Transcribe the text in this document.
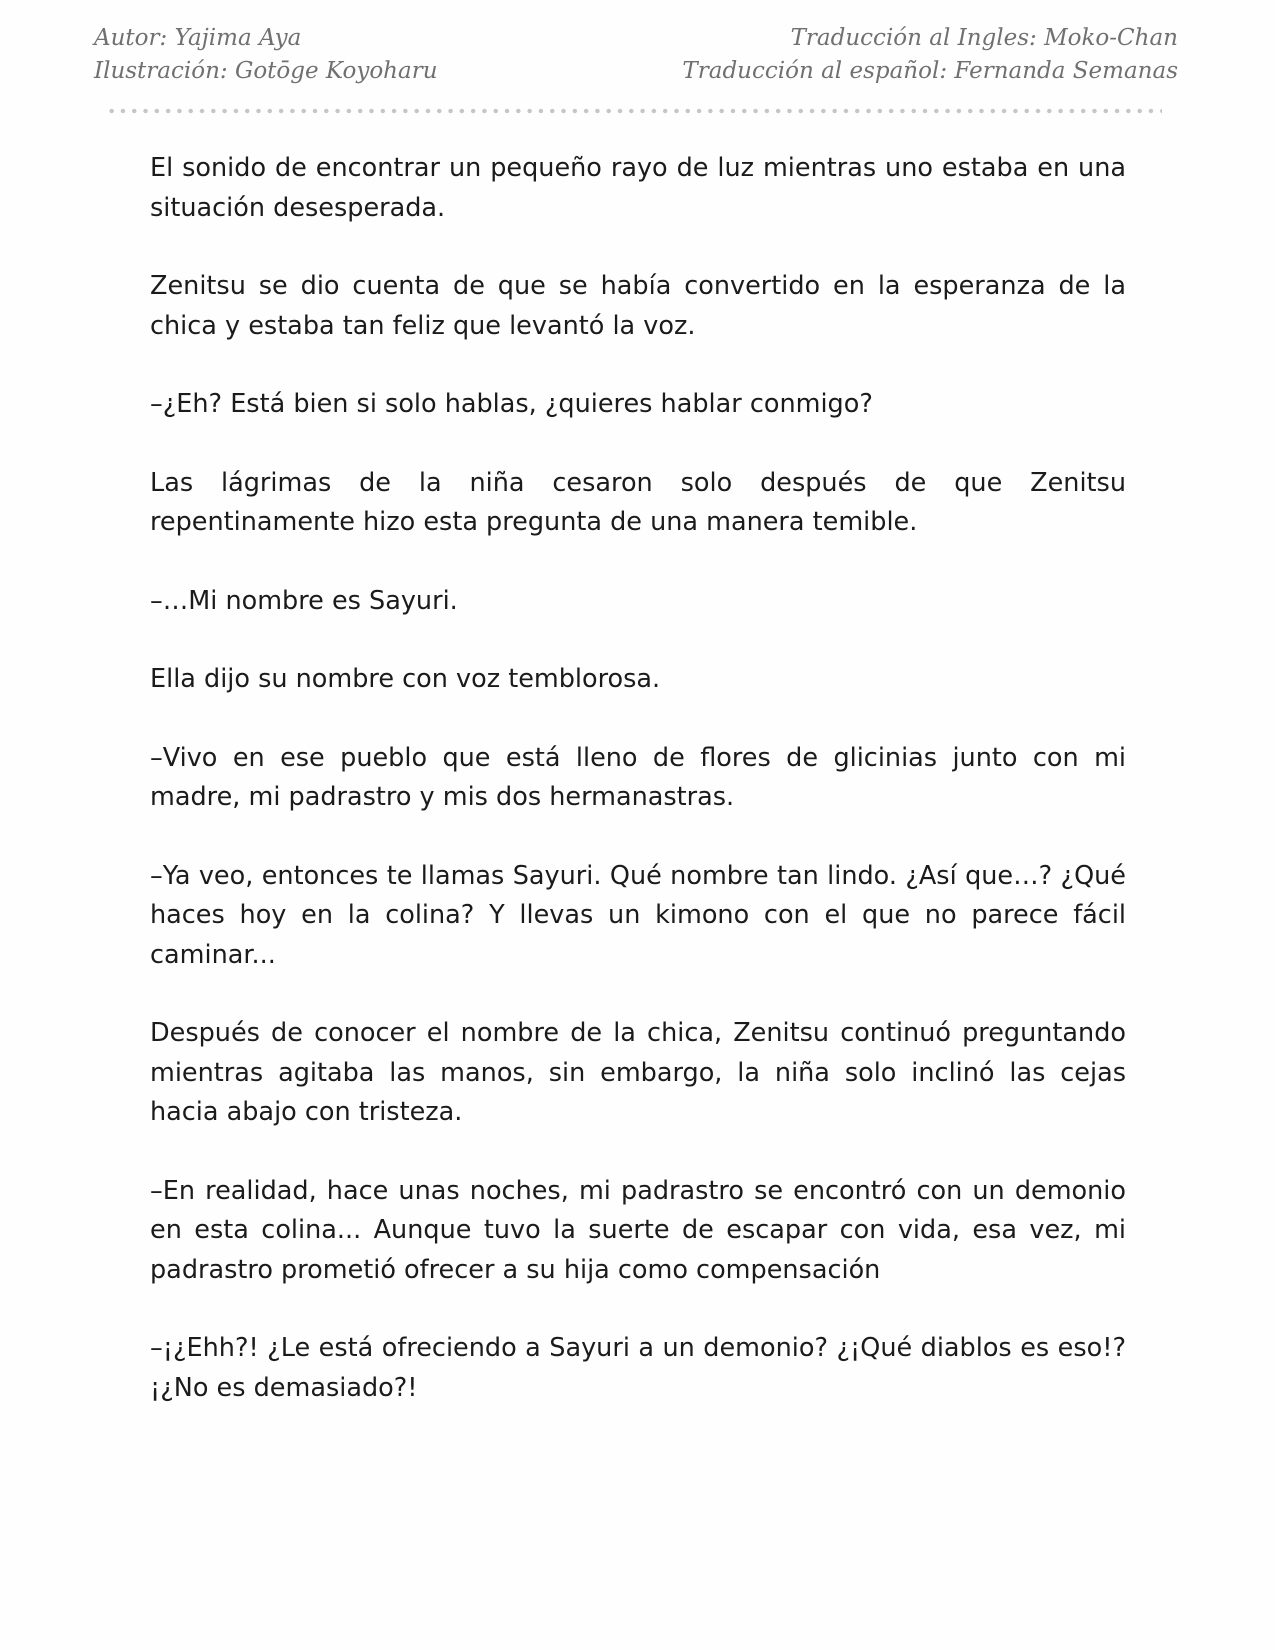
Autor: Yajima Aya
Ilustración: Gotōge Koyoharu
Traducción al Ingles: Moko-Chan
Traducción al español: Fernanda Semanas

El sonido de encontrar un pequeño rayo de luz mientras uno estaba en una situación desesperada.

Zenitsu se dio cuenta de que se había convertido en la esperanza de la chica y estaba tan feliz que levantó la voz.

–¿Eh? Está bien si solo hablas, ¿quieres hablar conmigo?

Las lágrimas de la niña cesaron solo después de que Zenitsu repentinamente hizo esta pregunta de una manera temible.

–…Mi nombre es Sayuri.

Ella dijo su nombre con voz temblorosa.

–Vivo en ese pueblo que está lleno de flores de glicinias junto con mi madre, mi padrastro y mis dos hermanastras.

–Ya veo, entonces te llamas Sayuri. Qué nombre tan lindo. ¿Así que…? ¿Qué haces hoy en la colina? Y llevas un kimono con el que no parece fácil caminar...

Después de conocer el nombre de la chica, Zenitsu continuó preguntando mientras agitaba las manos, sin embargo, la niña solo inclinó las cejas hacia abajo con tristeza.

–En realidad, hace unas noches, mi padrastro se encontró con un demonio en esta colina... Aunque tuvo la suerte de escapar con vida, esa vez, mi padrastro prometió ofrecer a su hija como compensación

–¡¿Ehh?! ¿Le está ofreciendo a Sayuri a un demonio? ¿¡Qué diablos es eso!? ¡¿No es demasiado?!
